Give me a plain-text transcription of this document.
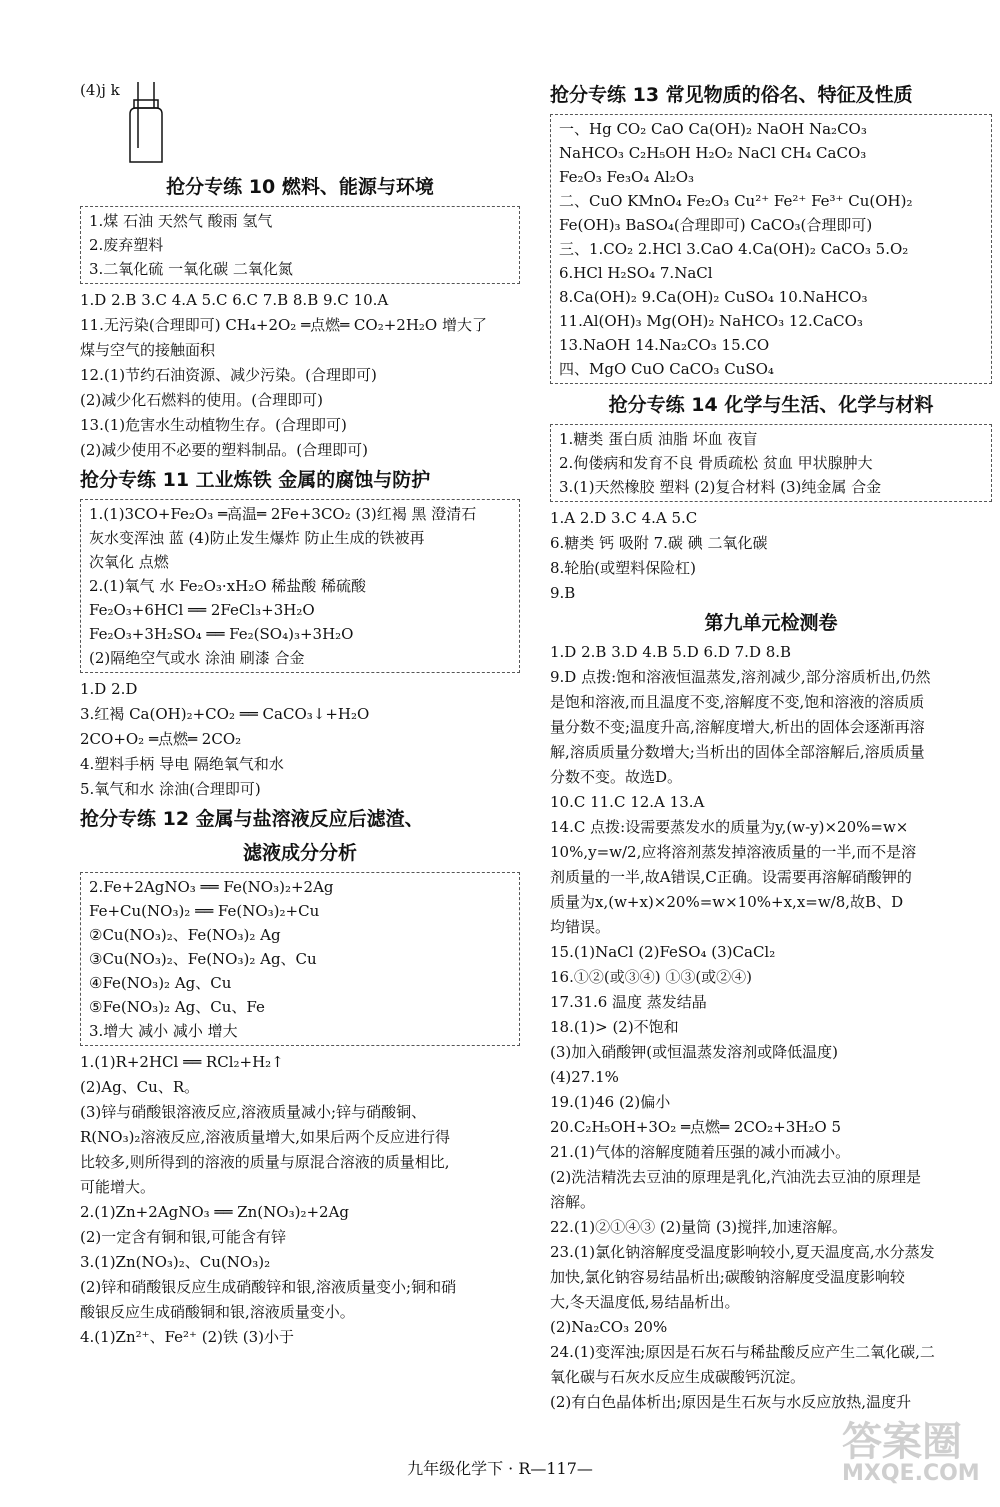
(4)j k
抢分专练 10 燃料、能源与环境
1.煤 石油 天然气 酸雨 氢气
2.废弃塑料
3.二氧化硫 一氧化碳 二氧化氮
1.D 2.B 3.C 4.A 5.C 6.C 7.B 8.B 9.C 10.A
11.无污染(合理即可) CH₄+2O₂ ═点燃═ CO₂+2H₂O 增大了
煤与空气的接触面积
12.(1)节约石油资源、减少污染。(合理即可)
(2)减少化石燃料的使用。(合理即可)
13.(1)危害水生动植物生存。(合理即可)
(2)减少使用不必要的塑料制品。(合理即可)
抢分专练 11 工业炼铁 金属的腐蚀与防护
1.(1)3CO+Fe₂O₃ ═高温═ 2Fe+3CO₂ (3)红褐 黑 澄清石
灰水变浑浊 蓝 (4)防止发生爆炸 防止生成的铁被再
次氧化 点燃
2.(1)氧气 水 Fe₂O₃·xH₂O 稀盐酸 稀硫酸
Fe₂O₃+6HCl ══ 2FeCl₃+3H₂O
Fe₂O₃+3H₂SO₄ ══ Fe₂(SO₄)₃+3H₂O
(2)隔绝空气或水 涂油 刷漆 合金
1.D 2.D
3.红褐 Ca(OH)₂+CO₂ ══ CaCO₃↓+H₂O
2CO+O₂ ═点燃═ 2CO₂
4.塑料手柄 导电 隔绝氧气和水
5.氧气和水 涂油(合理即可)
抢分专练 12 金属与盐溶液反应后滤渣、
滤液成分分析
2.Fe+2AgNO₃ ══ Fe(NO₃)₂+2Ag
Fe+Cu(NO₃)₂ ══ Fe(NO₃)₂+Cu
②Cu(NO₃)₂、Fe(NO₃)₂ Ag
③Cu(NO₃)₂、Fe(NO₃)₂ Ag、Cu
④Fe(NO₃)₂ Ag、Cu
⑤Fe(NO₃)₂ Ag、Cu、Fe
3.增大 减小 减小 增大
1.(1)R+2HCl ══ RCl₂+H₂↑
(2)Ag、Cu、R。
(3)锌与硝酸银溶液反应,溶液质量减小;锌与硝酸铜、
R(NO₃)₂溶液反应,溶液质量增大,如果后两个反应进行得
比较多,则所得到的溶液的质量与原混合溶液的质量相比,
可能增大。
2.(1)Zn+2AgNO₃ ══ Zn(NO₃)₂+2Ag
(2)一定含有铜和银,可能含有锌
3.(1)Zn(NO₃)₂、Cu(NO₃)₂
(2)锌和硝酸银反应生成硝酸锌和银,溶液质量变小;铜和硝
酸银反应生成硝酸铜和银,溶液质量变小。
4.(1)Zn²⁺、Fe²⁺ (2)铁 (3)小于
抢分专练 13 常见物质的俗名、特征及性质
一、Hg CO₂ CaO Ca(OH)₂ NaOH Na₂CO₃
NaHCO₃ C₂H₅OH H₂O₂ NaCl CH₄ CaCO₃
Fe₂O₃ Fe₃O₄ Al₂O₃
二、CuO KMnO₄ Fe₂O₃ Cu²⁺ Fe²⁺ Fe³⁺ Cu(OH)₂
Fe(OH)₃ BaSO₄(合理即可) CaCO₃(合理即可)
三、1.CO₂ 2.HCl 3.CaO 4.Ca(OH)₂ CaCO₃ 5.O₂
6.HCl H₂SO₄ 7.NaCl
8.Ca(OH)₂ 9.Ca(OH)₂ CuSO₄ 10.NaHCO₃
11.Al(OH)₃ Mg(OH)₂ NaHCO₃ 12.CaCO₃
13.NaOH 14.Na₂CO₃ 15.CO
四、MgO CuO CaCO₃ CuSO₄
抢分专练 14 化学与生活、化学与材料
1.糖类 蛋白质 油脂 坏血 夜盲
2.佝偻病和发育不良 骨质疏松 贫血 甲状腺肿大
3.(1)天然橡胶 塑料 (2)复合材料 (3)纯金属 合金
1.A 2.D 3.C 4.A 5.C
6.糖类 钙 吸附 7.碳 碘 二氧化碳
8.轮胎(或塑料保险杠)
9.B
第九单元检测卷
1.D 2.B 3.D 4.B 5.D 6.D 7.D 8.B
9.D 点拨:饱和溶液恒温蒸发,溶剂减少,部分溶质析出,仍然
是饱和溶液,而且温度不变,溶解度不变,饱和溶液的溶质质
量分数不变;温度升高,溶解度增大,析出的固体会逐渐再溶
解,溶质质量分数增大;当析出的固体全部溶解后,溶质质量
分数不变。故选D。
10.C 11.C 12.A 13.A
14.C 点拨:设需要蒸发水的质量为y,(w-y)×20%=w×
10%,y=w/2,应将溶剂蒸发掉溶液质量的一半,而不是溶
剂质量的一半,故A错误,C正确。设需要再溶解硝酸钾的
质量为x,(w+x)×20%=w×10%+x,x=w/8,故B、D
均错误。
15.(1)NaCl (2)FeSO₄ (3)CaCl₂
16.①②(或③④) ①③(或②④)
17.31.6 温度 蒸发结晶
18.(1)> (2)不饱和
(3)加入硝酸钾(或恒温蒸发溶剂或降低温度)
(4)27.1%
19.(1)46 (2)偏小
20.C₂H₅OH+3O₂ ═点燃═ 2CO₂+3H₂O 5
21.(1)气体的溶解度随着压强的减小而减小。
(2)洗洁精洗去豆油的原理是乳化,汽油洗去豆油的原理是
溶解。
22.(1)②①④③ (2)量筒 (3)搅拌,加速溶解。
23.(1)氯化钠溶解度受温度影响较小,夏天温度高,水分蒸发
加快,氯化钠容易结晶析出;碳酸钠溶解度受温度影响较
大,冬天温度低,易结晶析出。
(2)Na₂CO₃ 20%
24.(1)变浑浊;原因是石灰石与稀盐酸反应产生二氧化碳,二
氧化碳与石灰水反应生成碳酸钙沉淀。
(2)有白色晶体析出;原因是生石灰与水反应放热,温度升
九年级化学下 · R—117—
答案圈
MXQE.COM
